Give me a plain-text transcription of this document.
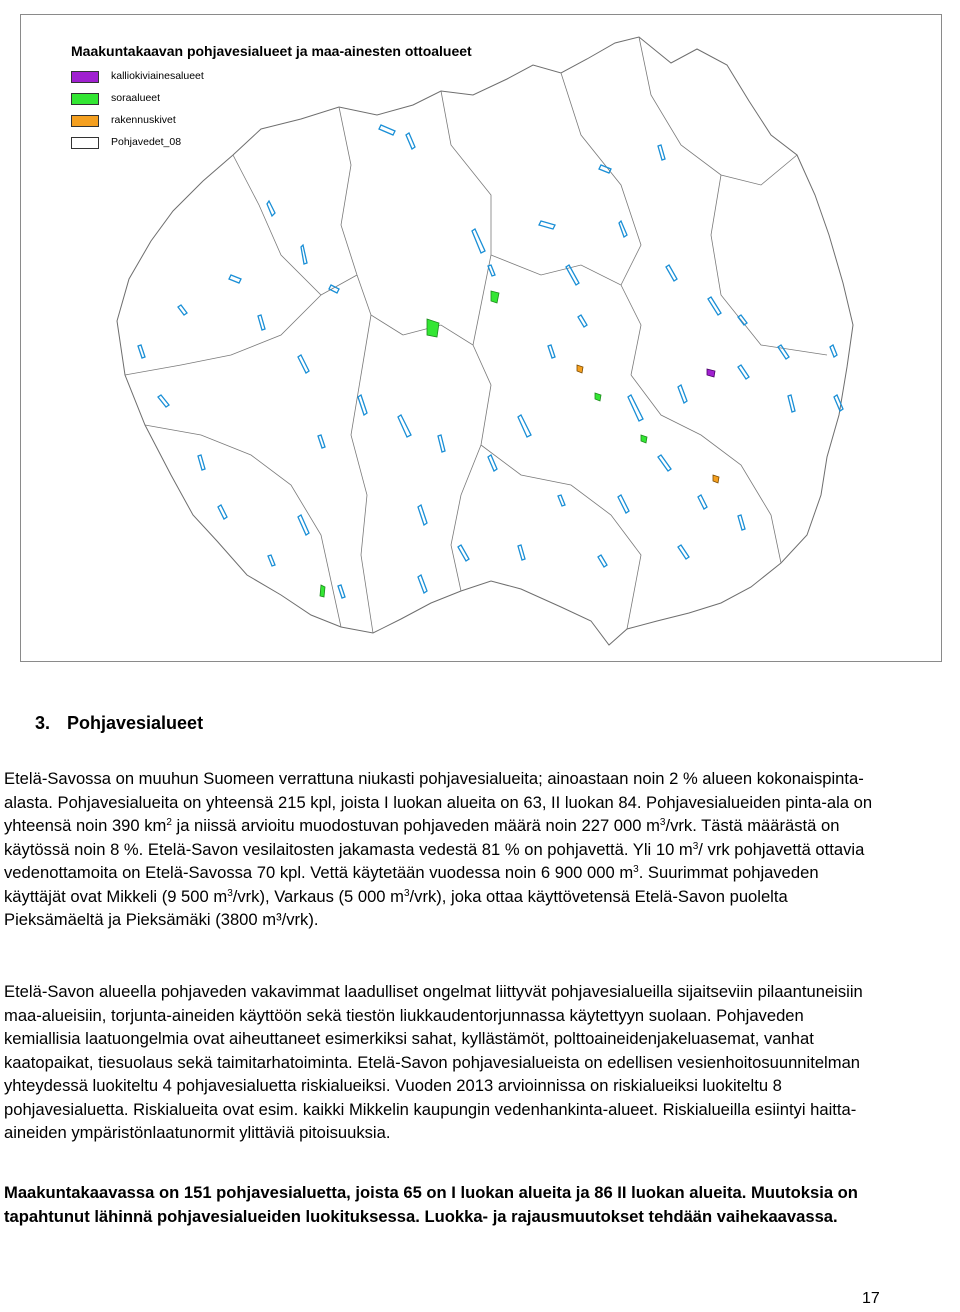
Maakuntakaavan pohjavesialueet ja maa-ainesten ottoalueet
kalliokiviainesalueet
soraalueet
rakennuskivet
Pohjavedet_08
3. Pohjavesialueet

Etelä-Savossa on muuhun Suomeen verrattuna niukasti pohjavesialueita; ainoastaan noin 2 % alueen kokonaispinta-alasta. Pohjavesialueita on yhteensä 215 kpl, joista I luokan alueita on 63, II luokan 84. Pohjavesialueiden pinta-ala on yhteensä noin 390 $km^2$ ja niissä arvioitu muodostuvan pohjaveden määrä noin 227 000 $m^3$/vrk. Tästä määrästä on käytössä noin 8 %. Etelä-Savon vesilaitosten jakamasta vedestä 81 % on pohjavettä. Yli 10 $m^3/$ vrk pohjavettä ottavia vedenottamoita on Etelä-Savossa 70 kpl. Vettä käytetään vuodessa noin 6 900 000 $m^3$. Suurimmat pohjaveden käyttäjät ovat Mikkeli (9 500 $m^3/vrk$), Varkaus (5 000 $m^3/vrk$), joka ottaa käyttövetensä Etelä-Savon puolelta Pieksämäeltä ja Pieksämäki (3800 m³/vrk).

Etelä-Savon alueella pohjaveden vakavimmat laadulliset ongelmat liittyvät pohjavesialueilla sijaitseviin pilaantuneisiin maa-alueisiin, torjunta-aineiden käyttöön sekä tiestön liukkaudentorjunnassa käytettyyn suolaan. Pohjaveden kemiallisia laatuongelmia ovat aiheuttaneet esimerkiksi sahat, kyllästämöt, polttoaineidenjakeluasemat, vanhat kaatopaikat, tiesuolaus sekä taimitarhatoiminta. Etelä-Savon pohjavesialueista on edellisen vesienhoitosuunnitelman yhteydessä luokiteltu 4 pohjavesialuetta riskialueiksi. Vuoden 2013 arvioinnissa on riskialueiksi luokiteltu 8 pohjavesialuetta. Riskialueita ovat esim. kaikki Mikkelin kaupungin vedenhankinta-alueet. Riskialueilla esiintyi haitta-aineiden ympäristönlaatunormit ylittäviä pitoisuuksia.

Maakuntakaavassa on 151 pohjavesialuetta, joista 65 on I luokan alueita ja 86 II luokan alueita. Muutoksia on tapahtunut lähinnä pohjavesialueiden luokituksessa. Luokka- ja rajausmuutokset tehdään vaihekaavassa.

17
